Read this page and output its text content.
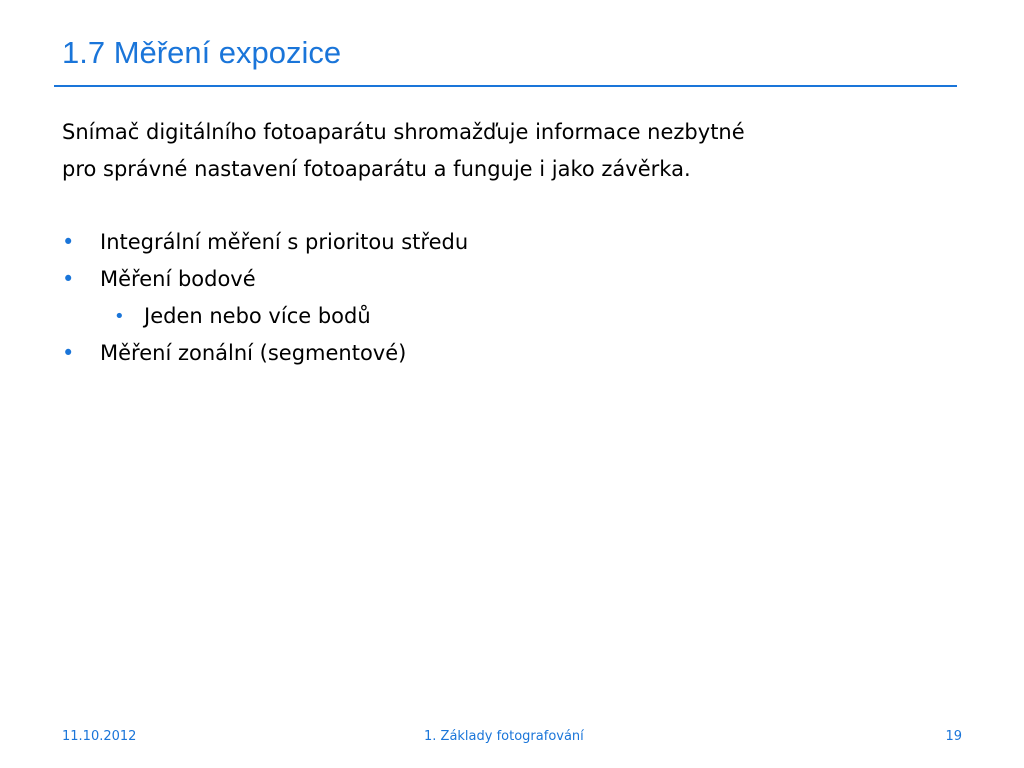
1.7 Měření expozice
Snímač digitálního fotoaparátu shromažďuje informace nezbytné
pro správné nastavení fotoaparátu a funguje i jako závěrka.
• Integrální měření s prioritou středu
• Měření bodové
• Jeden nebo více bodů
• Měření zonální (segmentové)
11.10.2012	1. Základy fotografování	19
